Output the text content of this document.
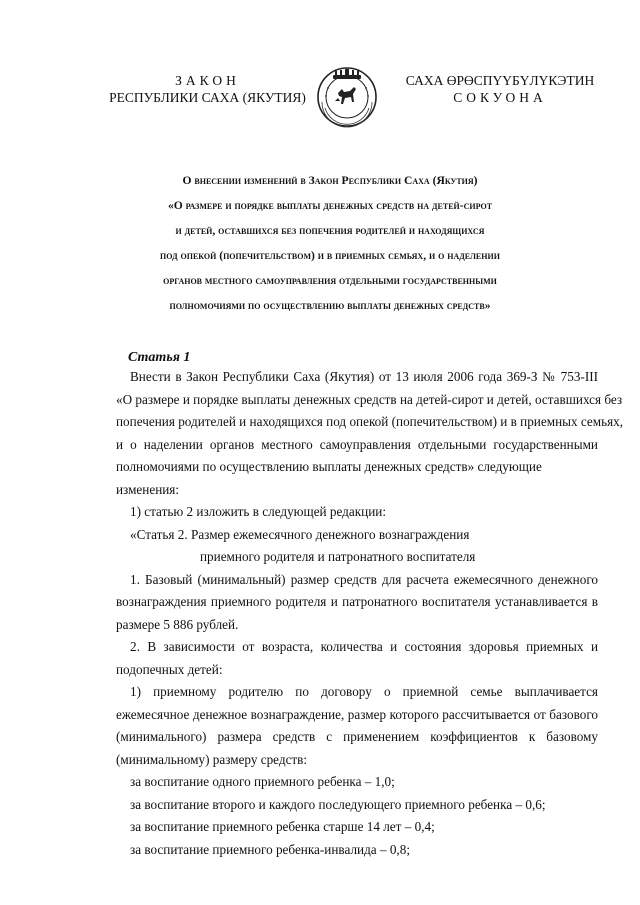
ЗАКОН
РЕСПУБЛИКИ САХА (ЯКУТИЯ)
САХА ӨРӨСПҮҮБҮЛҮКЭТИН
СОКУОНА
О внесении изменений в Закон Республики Саха (Якутия)
«О размере и порядке выплаты денежных средств на детей-сирот
и детей, оставшихся без попечения родителей и находящихся
под опекой (попечительством) и в приемных семьях, и о наделении
органов местного самоуправления отдельными государственными
полномочиями по осуществлению выплаты денежных средств»
Статья 1

Внести в Закон Республики Саха (Якутия) от 13 июля 2006 года 369-З № 753-III

«О размере и порядке выплаты денежных средств на детей-сирот и детей, оставшихся без

попечения родителей и находящихся под опекой (попечительством) и в приемных семьях,

и о наделении органов местного самоуправления отдельными государственными

полномочиями по осуществлению выплаты денежных средств» следующие изменения:

1) статью 2 изложить в следующей редакции:

«Статья 2. Размер ежемесячного денежного вознаграждения

приемного родителя и патронатного воспитателя

1. Базовый (минимальный) размер средств для расчета ежемесячного денежного

вознаграждения приемного родителя и патронатного воспитателя устанавливается в

размере 5 886 рублей.

2. В зависимости от возраста, количества и состояния здоровья приемных и

подопечных детей:

1) приемному родителю по договору о приемной семье выплачивается

ежемесячное денежное вознаграждение, размер которого рассчитывается от базового

(минимального) размера средств с применением коэффициентов к базовому

(минимальному) размеру средств:

за воспитание одного приемного ребенка – 1,0;

за воспитание второго и каждого последующего приемного ребенка – 0,6;

за воспитание приемного ребенка старше 14 лет – 0,4;

за воспитание приемного ребенка-инвалида – 0,8;
